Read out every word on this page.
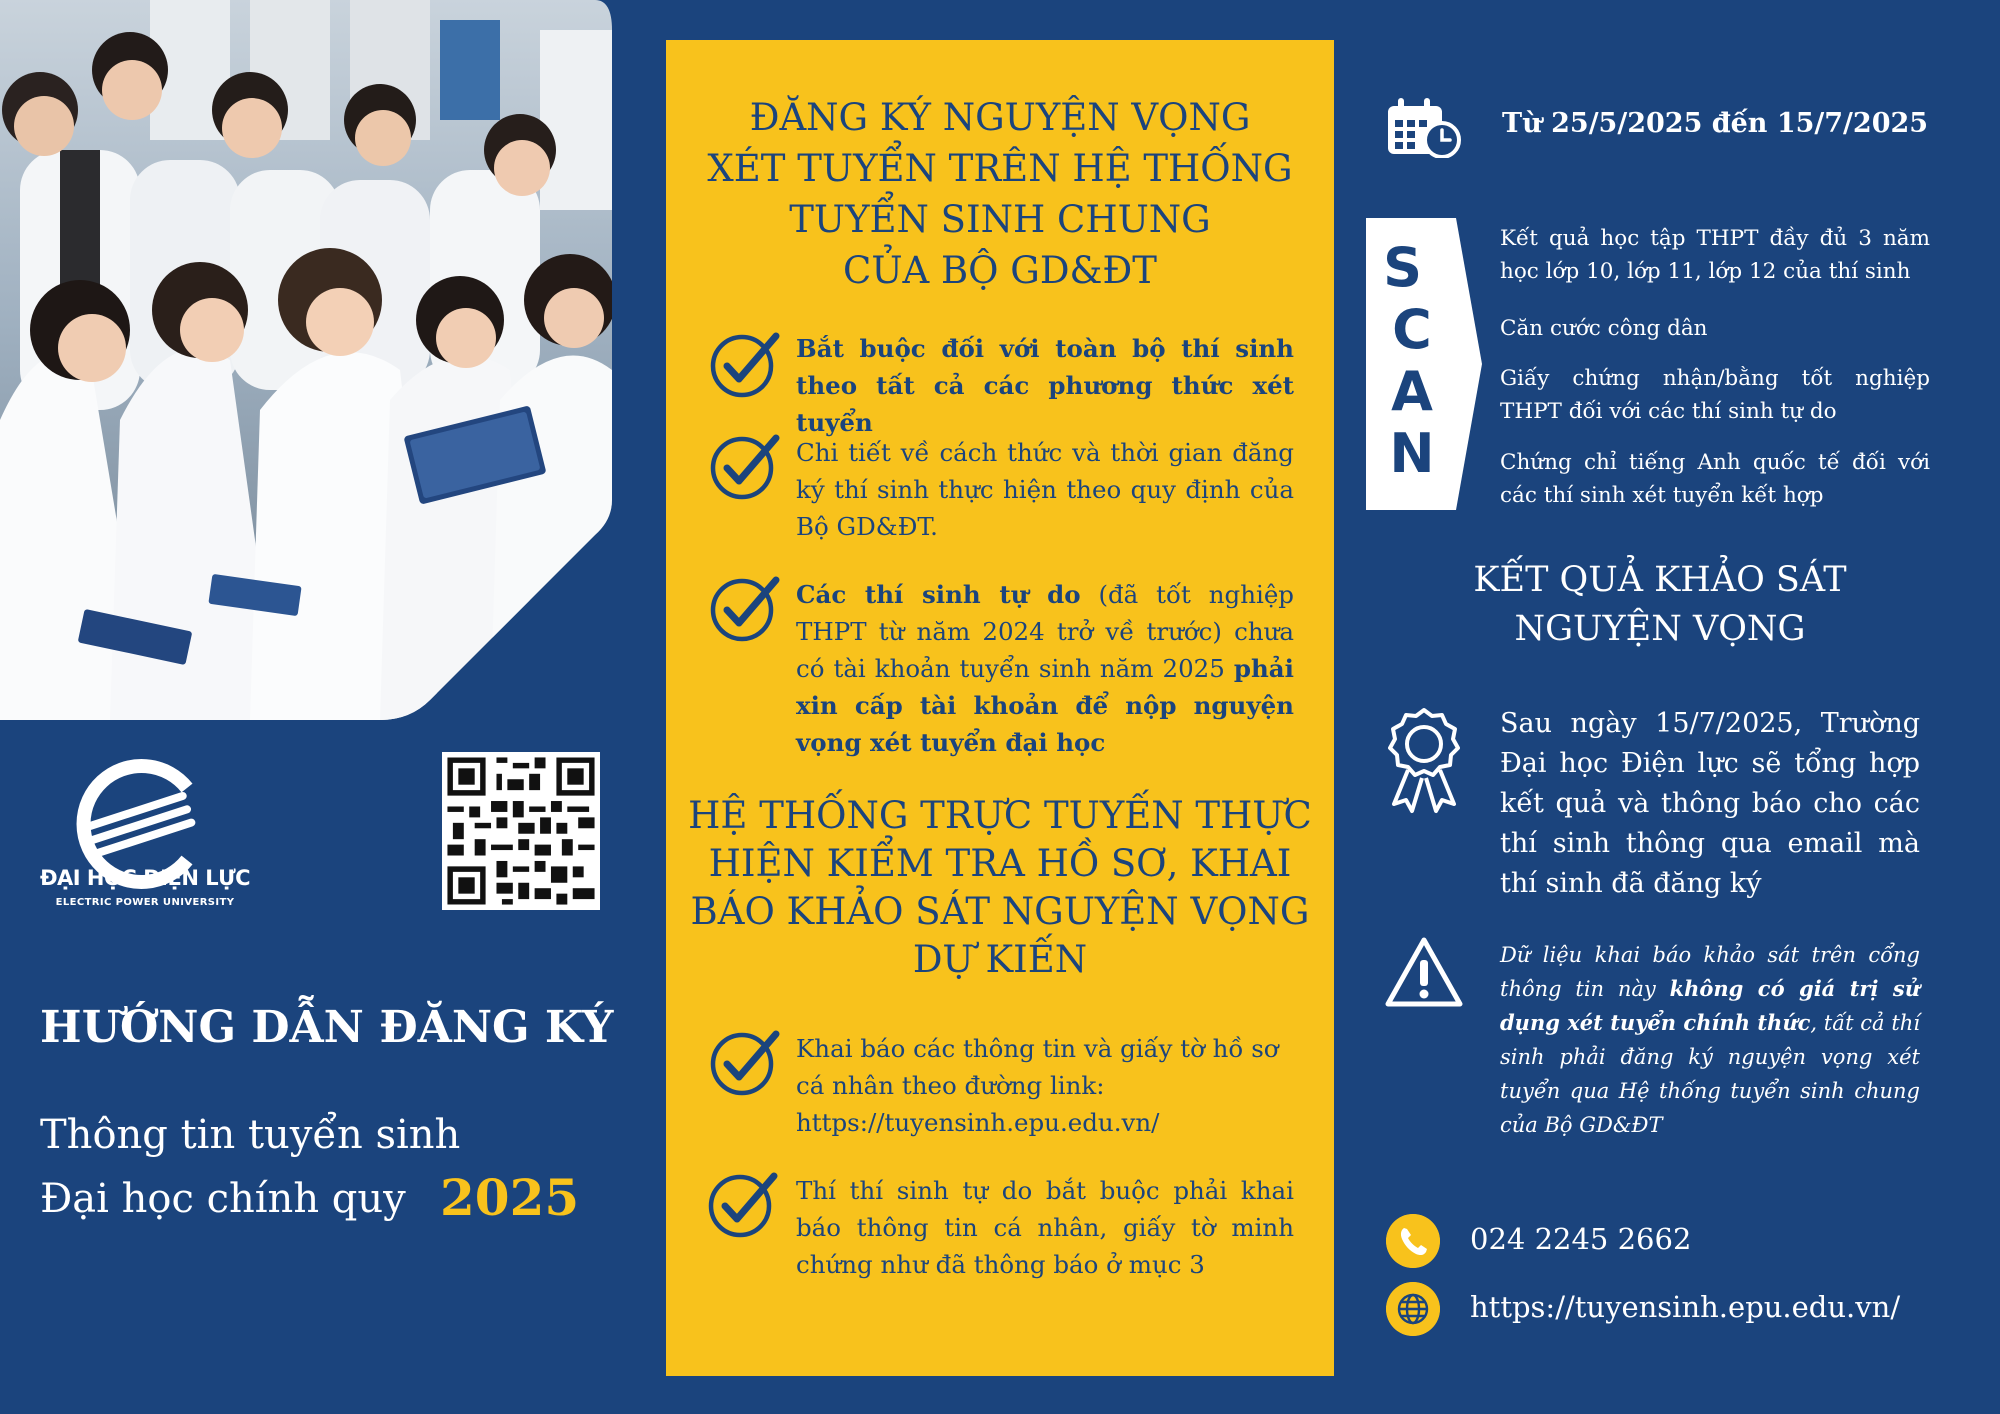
ĐẠI HỌC ĐIỆN LỰC
ELECTRIC POWER UNIVERSITY
HƯỚNG DẪN ĐĂNG KÝ
Thông tin tuyển sinh
Đại học chính quy 2025
ĐĂNG KÝ NGUYỆN VỌNG
XÉT TUYỂN TRÊN HỆ THỐNG
TUYỂN SINH CHUNG
CỦA BỘ GD&ĐT
Bắt buộc đối với toàn bộ thí sinh theo tất cả các phương thức xét tuyển
Chi tiết về cách thức và thời gian đăng ký thí sinh thực hiện theo quy định của Bộ GD&ĐT.
Các thí sinh tự do (đã tốt nghiệp THPT từ năm 2024 trở về trước) chưa có tài khoản tuyển sinh năm 2025 phải xin cấp tài khoản để nộp nguyện vọng xét tuyển đại học
HỆ THỐNG TRỰC TUYẾN THỰC
HIỆN KIỂM TRA HỒ SƠ, KHAI
BÁO KHẢO SÁT NGUYỆN VỌNG
DỰ KIẾN
Khai báo các thông tin và giấy tờ hồ sơ cá nhân theo đường link:
https://tuyensinh.epu.edu.vn/
Thí thí sinh tự do bắt buộc phải khai báo thông tin cá nhân, giấy tờ minh chứng như đã thông báo ở mục 3
Từ 25/5/2025 đến 15/7/2025
S C A N
Kết quả học tập THPT đầy đủ 3 năm học lớp 10, lớp 11, lớp 12 của thí sinh
Căn cước công dân
Giấy chứng nhận/bằng tốt nghiệp THPT đối với các thí sinh tự do
Chứng chỉ tiếng Anh quốc tế đối với các thí sinh xét tuyển kết hợp
KẾT QUẢ KHẢO SÁT
NGUYỆN VỌNG
Sau ngày 15/7/2025, Trường Đại học Điện lực sẽ tổng hợp kết quả và thông báo cho các thí sinh thông qua email mà thí sinh đã đăng ký
Dữ liệu khai báo khảo sát trên cổng thông tin này không có giá trị sử dụng xét tuyển chính thức, tất cả thí sinh phải đăng ký nguyện vọng xét tuyển qua Hệ thống tuyển sinh chung của Bộ GD&ĐT
024 2245 2662
https://tuyensinh.epu.edu.vn/
